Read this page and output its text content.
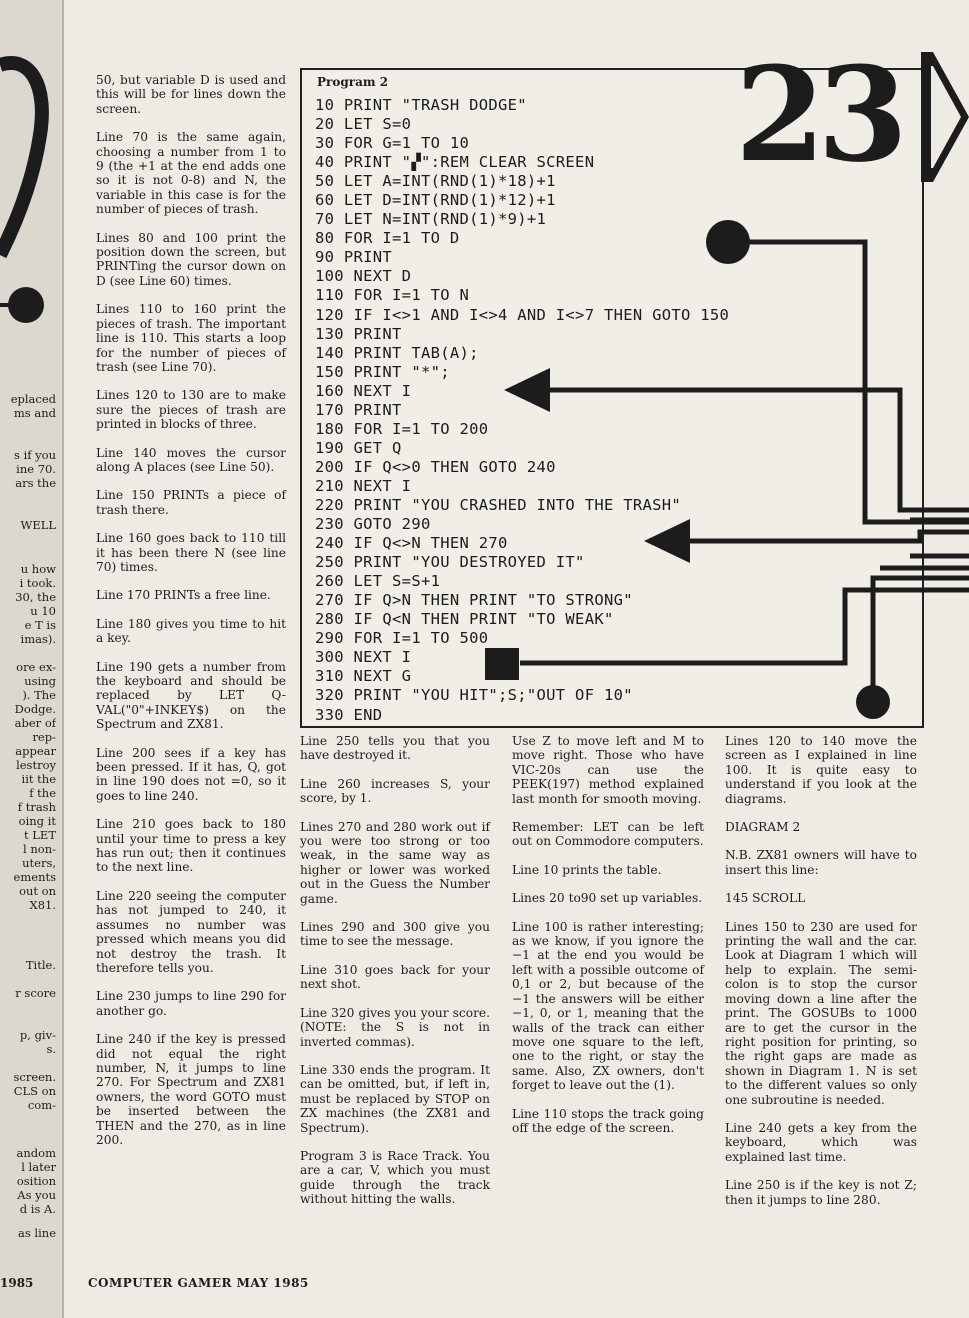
eplaced
ms and
s if you
ine 70.
ars the
WELL
u how
i took.
30, the
u 10
e T is
imas).
ore ex-
using
). The
Dodge.
aber of
rep-
appear
lestroy
iit the
f the
f trash
oing it
t LET
l non-
uters,
ements
out on
X81.
Title.
r score
p, giv-
s.
screen.
CLS on
com-
andom
l later
osition
As you
d is A.
as line
1985

50, but variable D is used and this will be for lines down the screen.

Line 70 is the same again, choosing a number from 1 to 9 (the +1 at the end adds one so it is not 0-8) and N, the variable in this case is for the number of pieces of trash.

Lines 80 and 100 print the position down the screen, but PRINTing the cursor down on D (see Line 60) times.

Lines 110 to 160 print the pieces of trash. The important line is 110. This starts a loop for the number of pieces of trash (see Line 70).

Lines 120 to 130 are to make sure the pieces of trash are printed in blocks of three.

Line 140 moves the cursor along A places (see Line 50).

Line 150 PRINTs a piece of trash there.

Line 160 goes back to 110 till it has been there N (see line 70) times.

Line 170 PRINTs a free line.

Line 180 gives you time to hit a key.

Line 190 gets a number from the keyboard and should be replaced by LET Q-VAL("0"+INKEY$) on the Spectrum and ZX81.

Line 200 sees if a key has been pressed. If it has, Q, got in line 190 does not =0, so it goes to line 240.

Line 210 goes back to 180 until your time to press a key has run out; then it continues to the next line.

Line 220 seeing the computer has not jumped to 240, it assumes no number was pressed which means you did not destroy the trash. It therefore tells you.

Line 230 jumps to line 290 for another go.

Line 240 if the key is pressed did not equal the right number, N, it jumps to line 270. For Spectrum and ZX81 owners, the word GOTO must be inserted between the THEN and the 270, as in line 200.

Program 2
10 PRINT "TRASH DODGE"
20 LET S=0
30 FOR G=1 TO 10
40 PRINT "▞":REM CLEAR SCREEN
50 LET A=INT(RND(1)*18)+1
60 LET D=INT(RND(1)*12)+1
70 LET N=INT(RND(1)*9)+1
80 FOR I=1 TO D
90 PRINT
100 NEXT D
110 FOR I=1 TO N
120 IF I<>1 AND I<>4 AND I<>7 THEN GOTO 150
130 PRINT
140 PRINT TAB(A);
150 PRINT "*";
160 NEXT I
170 PRINT
180 FOR I=1 TO 200
190 GET Q
200 IF Q<>0 THEN GOTO 240
210 NEXT I
220 PRINT "YOU CRASHED INTO THE TRASH"
230 GOTO 290
240 IF Q<>N THEN 270
250 PRINT "YOU DESTROYED IT"
260 LET S=S+1
270 IF Q>N THEN PRINT "TO STRONG"
280 IF Q<N THEN PRINT "TO WEAK"
290 FOR I=1 TO 500
300 NEXT I
310 NEXT G
320 PRINT "YOU HIT";S;"OUT OF 10"
330 END
23

Line 250 tells you that you have destroyed it.

Line 260 increases S, your score, by 1.

Lines 270 and 280 work out if you were too strong or too weak, in the same way as higher or lower was worked out in the Guess the Number game.

Lines 290 and 300 give you time to see the message.

Line 310 goes back for your next shot.

Line 320 gives you your score. (NOTE: the S is not in inverted commas).

Line 330 ends the program. It can be omitted, but, if left in, must be replaced by STOP on ZX machines (the ZX81 and Spectrum).

Program 3 is Race Track. You are a car, V, which you must guide through the track without hitting the walls.

Use Z to move left and M to move right. Those who have VIC-20s can use the PEEK(197) method explained last month for smooth moving.

Remember: LET can be left out on Commodore computers.

Line 10 prints the table.

Lines 20 to90 set up variables.

Line 100 is rather interesting; as we know, if you ignore the −1 at the end you would be left with a possible outcome of 0,1 or 2, but because of the −1 the answers will be either −1, 0, or 1, meaning that the walls of the track can either move one square to the left, one to the right, or stay the same. Also, ZX owners, don't forget to leave out the (1).

Line 110 stops the track going off the edge of the screen.

Lines 120 to 140 move the screen as I explained in line 100. It is quite easy to understand if you look at the diagrams.

DIAGRAM 2

N.B. ZX81 owners will have to insert this line:

145 SCROLL

Lines 150 to 230 are used for printing the wall and the car. Look at Diagram 1 which will help to explain. The semi-colon is to stop the cursor moving down a line after the print. The GOSUBs to 1000 are to get the cursor in the right position for printing, so the right gaps are made as shown in Diagram 1. N is set to the different values so only one subroutine is needed.

Line 240 gets a key from the keyboard, which was explained last time.

Line 250 is if the key is not Z; then it jumps to line 280.

COMPUTER GAMER MAY 1985
